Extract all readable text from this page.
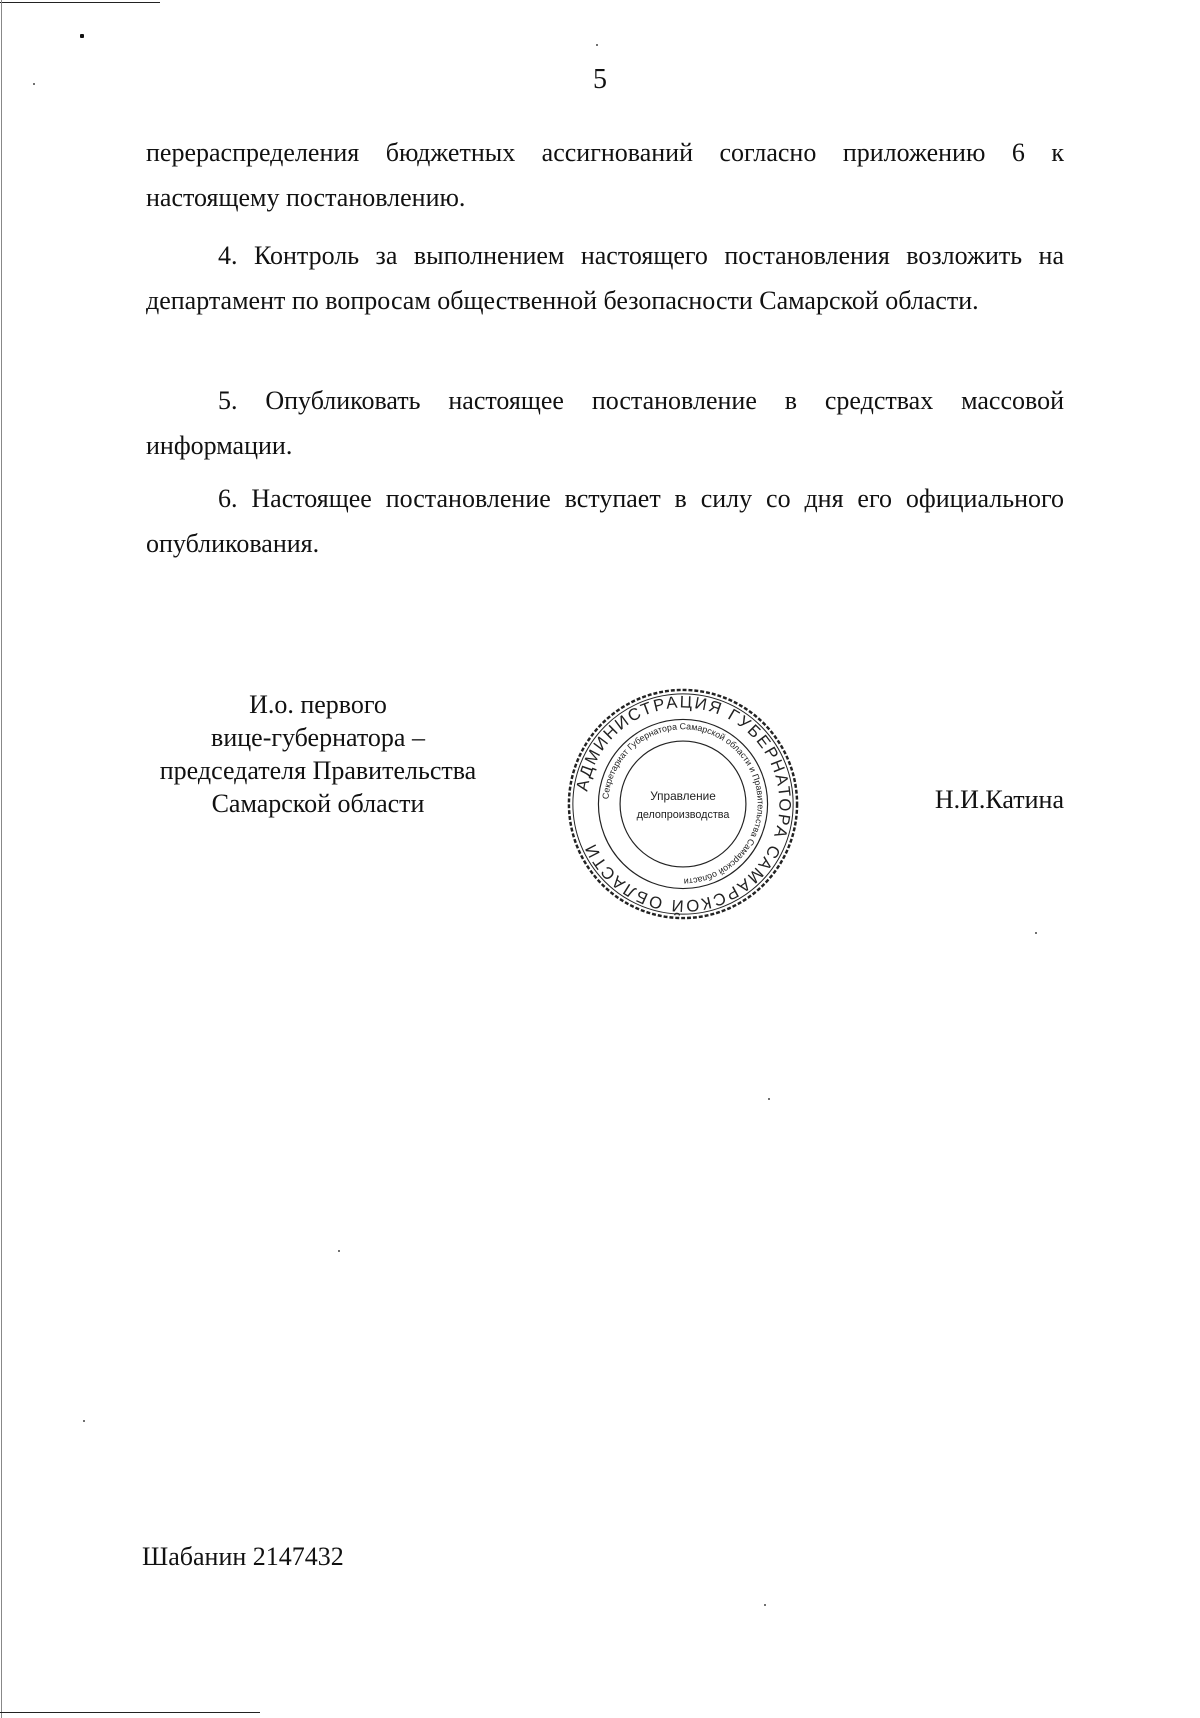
5

перераспределения бюджетных ассигнований согласно приложению 6 к настоящему постановлению.

4. Контроль за выполнением настоящего постановления возложить на департамент по вопросам общественной безопасности Самарской области.

5. Опубликовать настоящее постановление в средствах массовой информации.

6. Настоящее постановление вступает в силу со дня его официального опубликования.

И.о. первого
вице-губернатора –
председателя Правительства
Самарской области
АДМИНИСТРАЦИЯ ГУБЕРНАТОРА САМАРСКОЙ ОБЛАСТИ
Секретариат Губернатора Самарской области и Правительства Самарской области
Управление
делопроизводства
Н.И.Катина
Шабанин 2147432
